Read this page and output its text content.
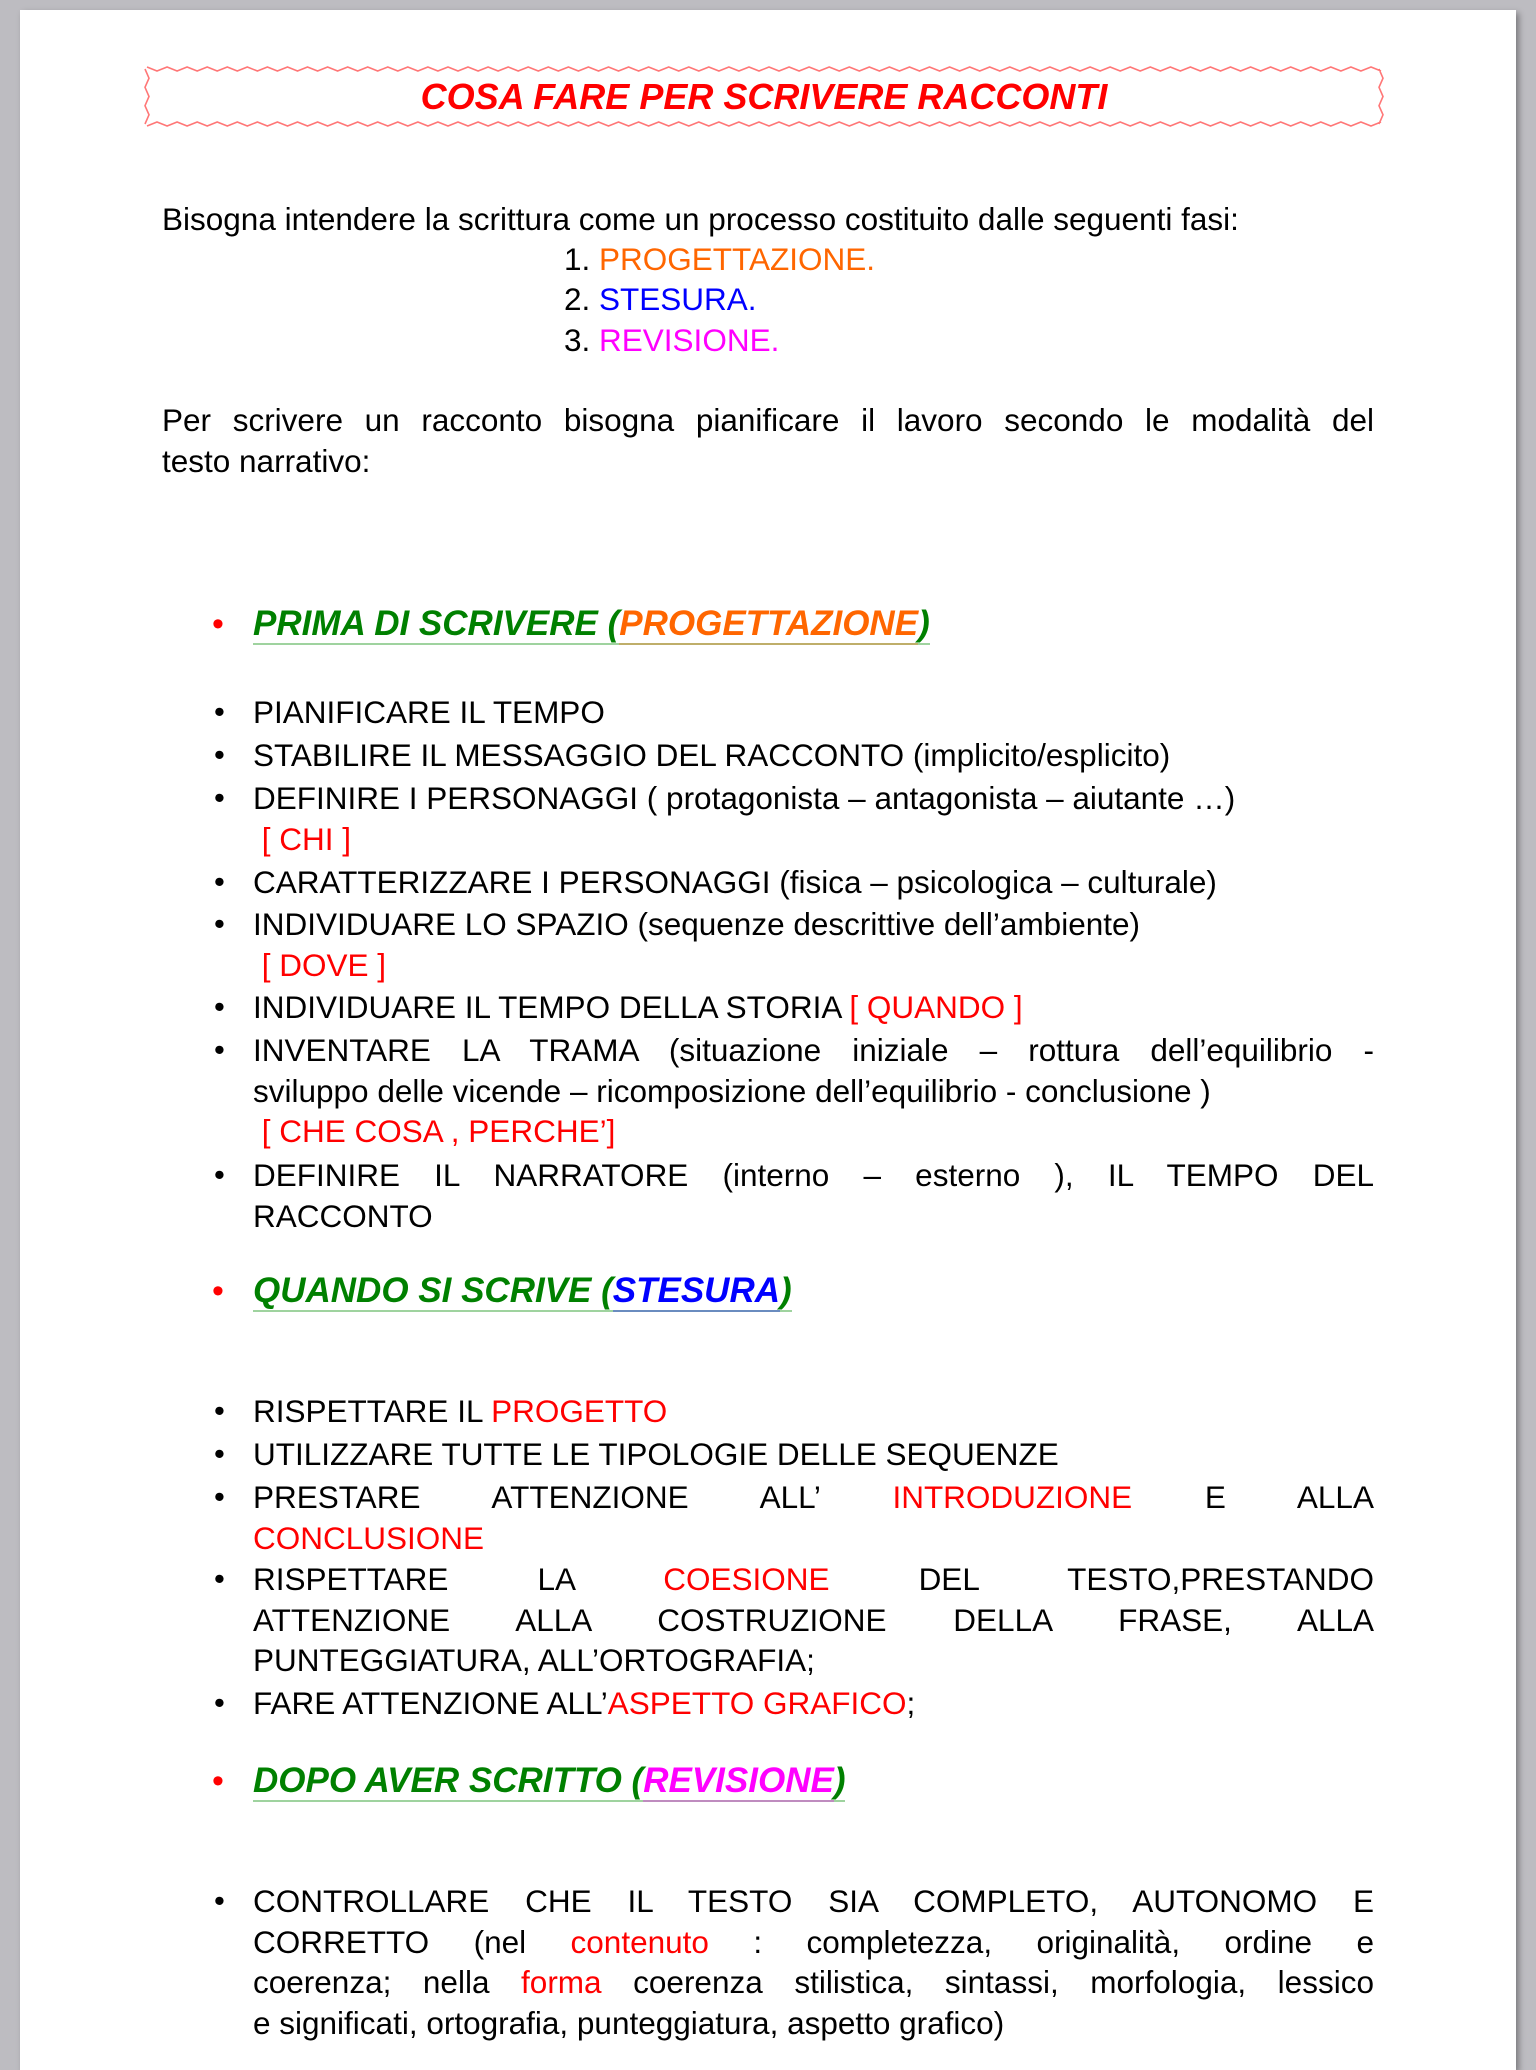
COSA FARE PER SCRIVERE RACCONTI
Bisogna intendere la scrittura come un processo costituito dalle seguenti fasi:
1. PROGETTAZIONE.
2. STESURA.
3. REVISIONE.
Per scrivere un racconto bisogna pianificare il lavoro secondo le modalità del
testo narrativo:
• PRIMA DI SCRIVERE (PROGETTAZIONE)
• PIANIFICARE IL TEMPO
• STABILIRE IL MESSAGGIO DEL RACCONTO (implicito/esplicito)
• DEFINIRE I PERSONAGGI ( protagonista – antagonista – aiutante …)
[ CHI ]
• CARATTERIZZARE I PERSONAGGI (fisica – psicologica – culturale)
• INDIVIDUARE LO SPAZIO (sequenze descrittive dell’ambiente)
[ DOVE ]
• INDIVIDUARE IL TEMPO DELLA STORIA [ QUANDO ]
• INVENTARE LA TRAMA (situazione iniziale – rottura dell’equilibrio -
sviluppo delle vicende – ricomposizione dell’equilibrio - conclusione )
[ CHE COSA , PERCHE’]
• DEFINIRE IL NARRATORE (interno – esterno ), IL TEMPO DEL
RACCONTO
• QUANDO SI SCRIVE (STESURA)
• RISPETTARE IL PROGETTO
• UTILIZZARE TUTTE LE TIPOLOGIE DELLE SEQUENZE
• PRESTARE ATTENZIONE ALL’ INTRODUZIONE E ALLA
CONCLUSIONE
• RISPETTARE LA COESIONE	DEL TESTO,PRESTANDO
ATTENZIONE ALLA COSTRUZIONE DELLA FRASE, ALLA
PUNTEGGIATURA, ALL’ORTOGRAFIA;
• FARE ATTENZIONE ALL’ASPETTO GRAFICO;
• DOPO AVER SCRITTO (REVISIONE)
• CONTROLLARE CHE IL TESTO SIA COMPLETO, AUTONOMO E
CORRETTO (nel contenuto : completezza, originalità, ordine e
coerenza; nella forma coerenza stilistica, sintassi, morfologia, lessico
e significati, ortografia, punteggiatura, aspetto grafico)
